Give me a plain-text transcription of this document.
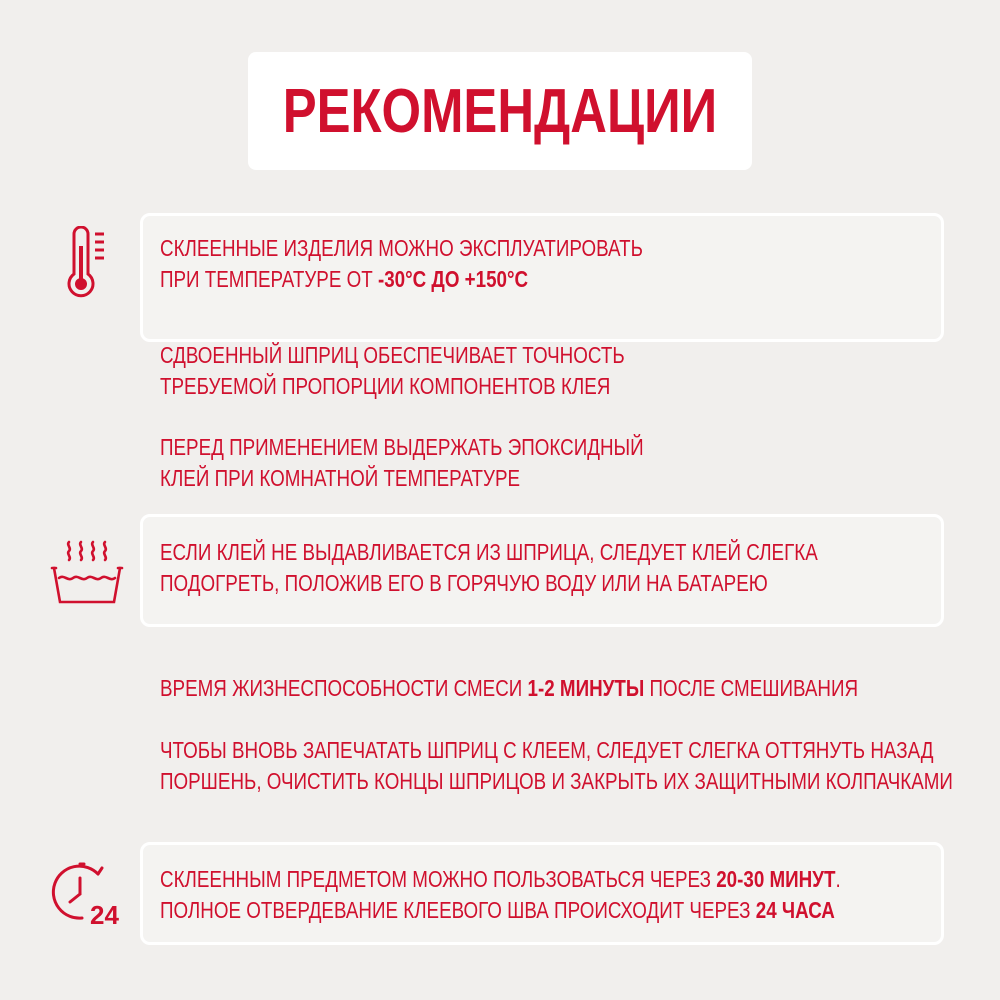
РЕКОМЕНДАЦИИ
24
СКЛЕЕННЫЕ ИЗДЕЛИЯ МОЖНО ЭКСПЛУАТИРОВАТЬ
ПРИ ТЕМПЕРАТУРЕ ОТ -30°С ДО +150°С
СДВОЕННЫЙ ШПРИЦ ОБЕСПЕЧИВАЕТ ТОЧНОСТЬ
ТРЕБУЕМОЙ ПРОПОРЦИИ КОМПОНЕНТОВ КЛЕЯ
ПЕРЕД ПРИМЕНЕНИЕМ ВЫДЕРЖАТЬ ЭПОКСИДНЫЙ
КЛЕЙ ПРИ КОМНАТНОЙ ТЕМПЕРАТУРЕ
ЕСЛИ КЛЕЙ НЕ ВЫДАВЛИВАЕТСЯ ИЗ ШПРИЦА, СЛЕДУЕТ КЛЕЙ СЛЕГКА
ПОДОГРЕТЬ, ПОЛОЖИВ ЕГО В ГОРЯЧУЮ ВОДУ ИЛИ НА БАТАРЕЮ
ВРЕМЯ ЖИЗНЕСПОСОБНОСТИ СМЕСИ 1-2 МИНУТЫ ПОСЛЕ СМЕШИВАНИЯ
ЧТОБЫ ВНОВЬ ЗАПЕЧАТАТЬ ШПРИЦ С КЛЕЕМ, СЛЕДУЕТ СЛЕГКА ОТТЯНУТЬ НАЗАД
ПОРШЕНЬ, ОЧИСТИТЬ КОНЦЫ ШПРИЦОВ И ЗАКРЫТЬ ИХ ЗАЩИТНЫМИ КОЛПАЧКАМИ
СКЛЕЕННЫМ ПРЕДМЕТОМ МОЖНО ПОЛЬЗОВАТЬСЯ ЧЕРЕЗ 20-30 МИНУТ.
ПОЛНОЕ ОТВЕРДЕВАНИЕ КЛЕЕВОГО ШВА ПРОИСХОДИТ ЧЕРЕЗ 24 ЧАСА
